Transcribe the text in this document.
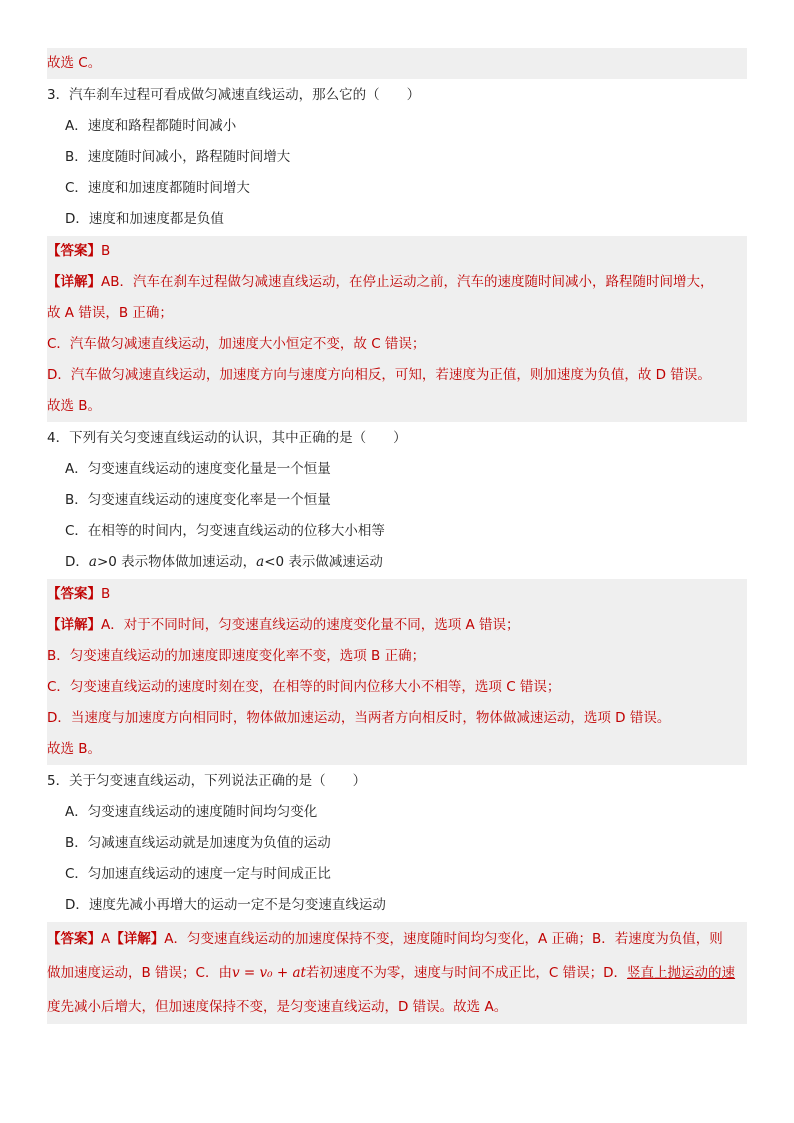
故选 C。
3．汽车刹车过程可看成做匀减速直线运动，那么它的（　　）
A．速度和路程都随时间减小
B．速度随时间减小，路程随时间增大
C．速度和加速度都随时间增大
D．速度和加速度都是负值
【答案】B
【详解】AB．汽车在刹车过程做匀减速直线运动，在停止运动之前，汽车的速度随时间减小，路程随时间增大，
故 A 错误，B 正确；
C．汽车做匀减速直线运动，加速度大小恒定不变，故 C 错误；
D．汽车做匀减速直线运动，加速度方向与速度方向相反，可知，若速度为正值，则加速度为负值，故 D 错误。
故选 B。
4．下列有关匀变速直线运动的认识，其中正确的是（　　）
A．匀变速直线运动的速度变化量是一个恒量
B．匀变速直线运动的速度变化率是一个恒量
C．在相等的时间内，匀变速直线运动的位移大小相等
D．a>0 表示物体做加速运动，a<0 表示做减速运动
【答案】B
【详解】A．对于不同时间，匀变速直线运动的速度变化量不同，选项 A 错误；
B．匀变速直线运动的加速度即速度变化率不变，选项 B 正确；
C．匀变速直线运动的速度时刻在变，在相等的时间内位移大小不相等，选项 C 错误；
D．当速度与加速度方向相同时，物体做加速运动，当两者方向相反时，物体做减速运动，选项 D 错误。
故选 B。
5．关于匀变速直线运动，下列说法正确的是（　　）
A．匀变速直线运动的速度随时间均匀变化
B．匀减速直线运动就是加速度为负值的运动
C．匀加速直线运动的速度一定与时间成正比
D．速度先减小再增大的运动一定不是匀变速直线运动
【答案】A【详解】A．匀变速直线运动的加速度保持不变，速度随时间均匀变化，A 正确；B．若速度为负值，则
做加速度运动，B 错误；C．由v = v₀ + at若初速度不为零，速度与时间不成正比，C 错误；D．竖直上抛运动的速
度先减小后增大，但加速度保持不变，是匀变速直线运动，D 错误。故选 A。
